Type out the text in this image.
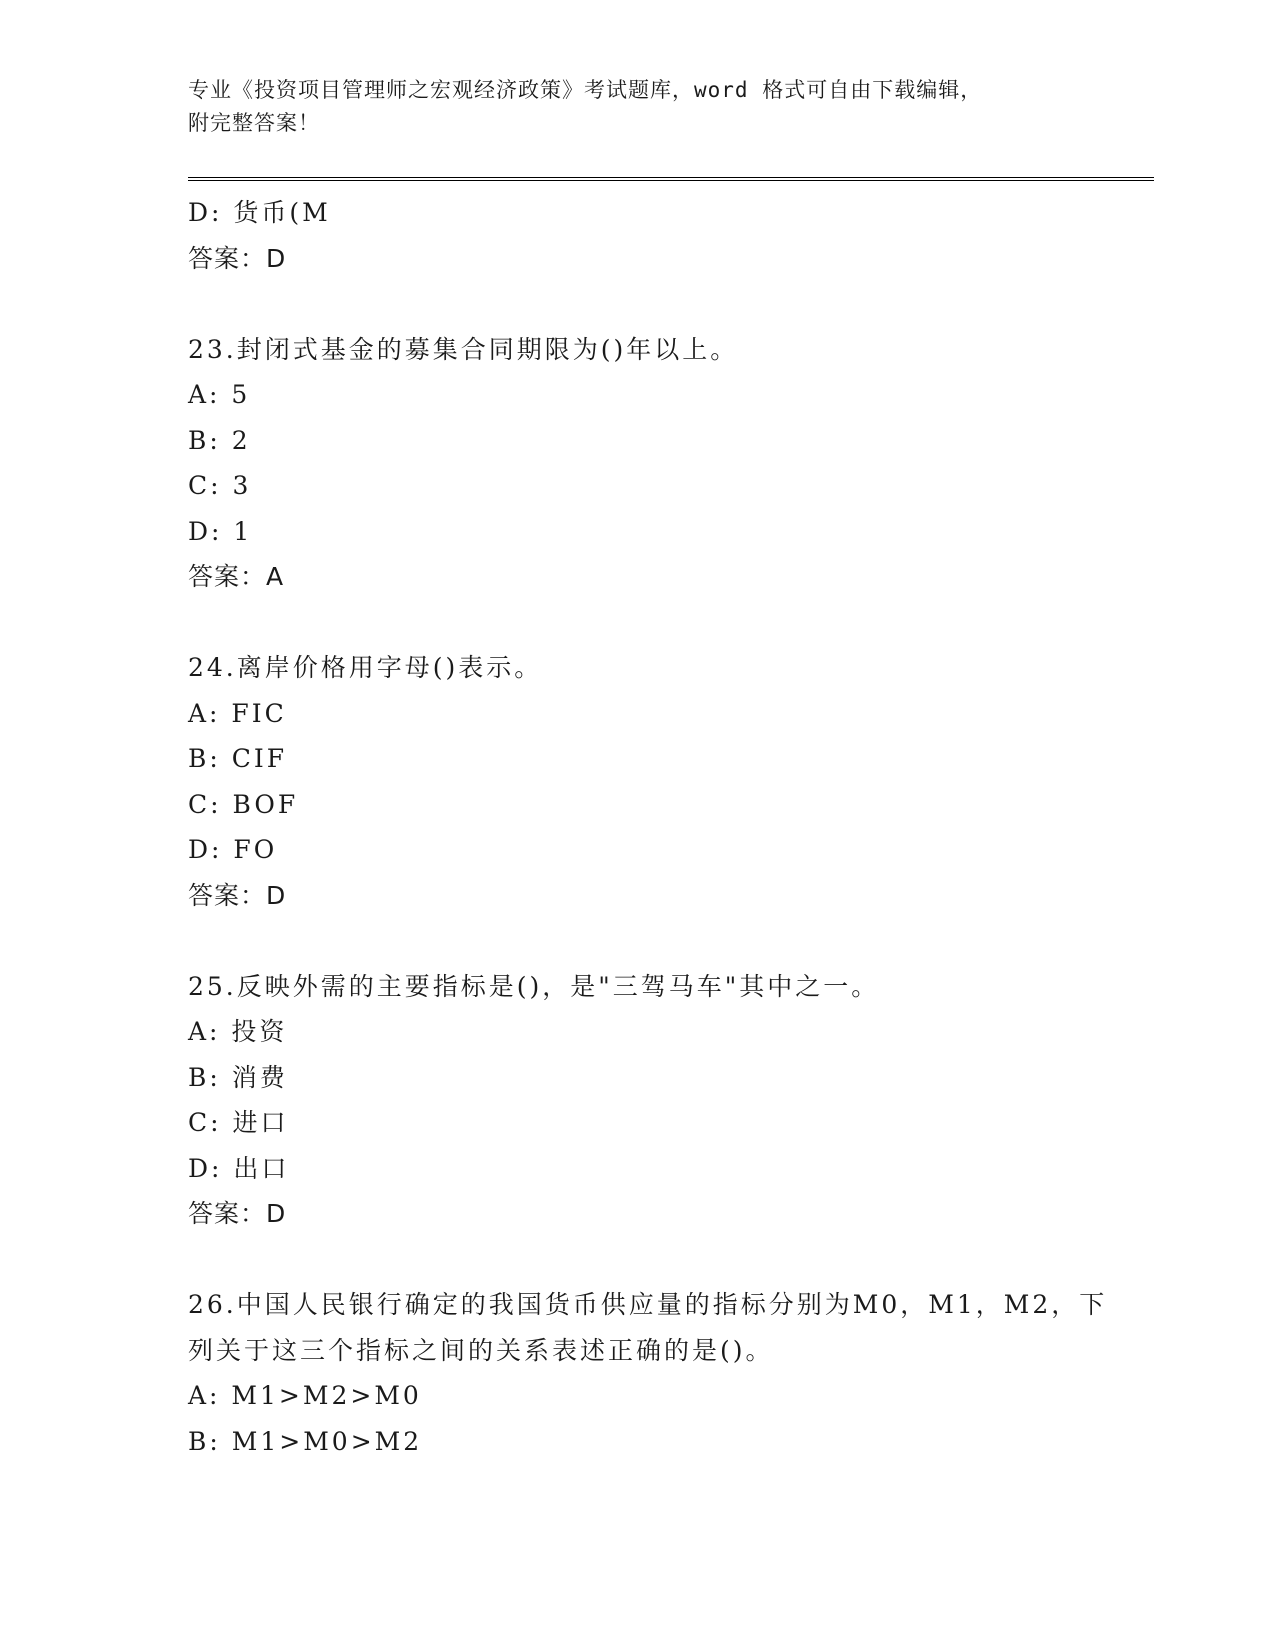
专业《投资项目管理师之宏观经济政策》考试题库，word 格式可自由下载编辑，
附完整答案！
D: 货币(M
答案：D
23.封闭式基金的募集合同期限为()年以上。
A: 5
B: 2
C: 3
D: 1
答案：A
24.离岸价格用字母()表示。
A: FIC
B: CIF
C: BOF
D: FO
答案：D
25.反映外需的主要指标是()，是"三驾马车"其中之一。
A: 投资
B: 消费
C: 进口
D: 出口
答案：D
26.中国人民银行确定的我国货币供应量的指标分别为M0，M1，M2，下
列关于这三个指标之间的关系表述正确的是()。
A: M1>M2>M0
B: M1>M0>M2
